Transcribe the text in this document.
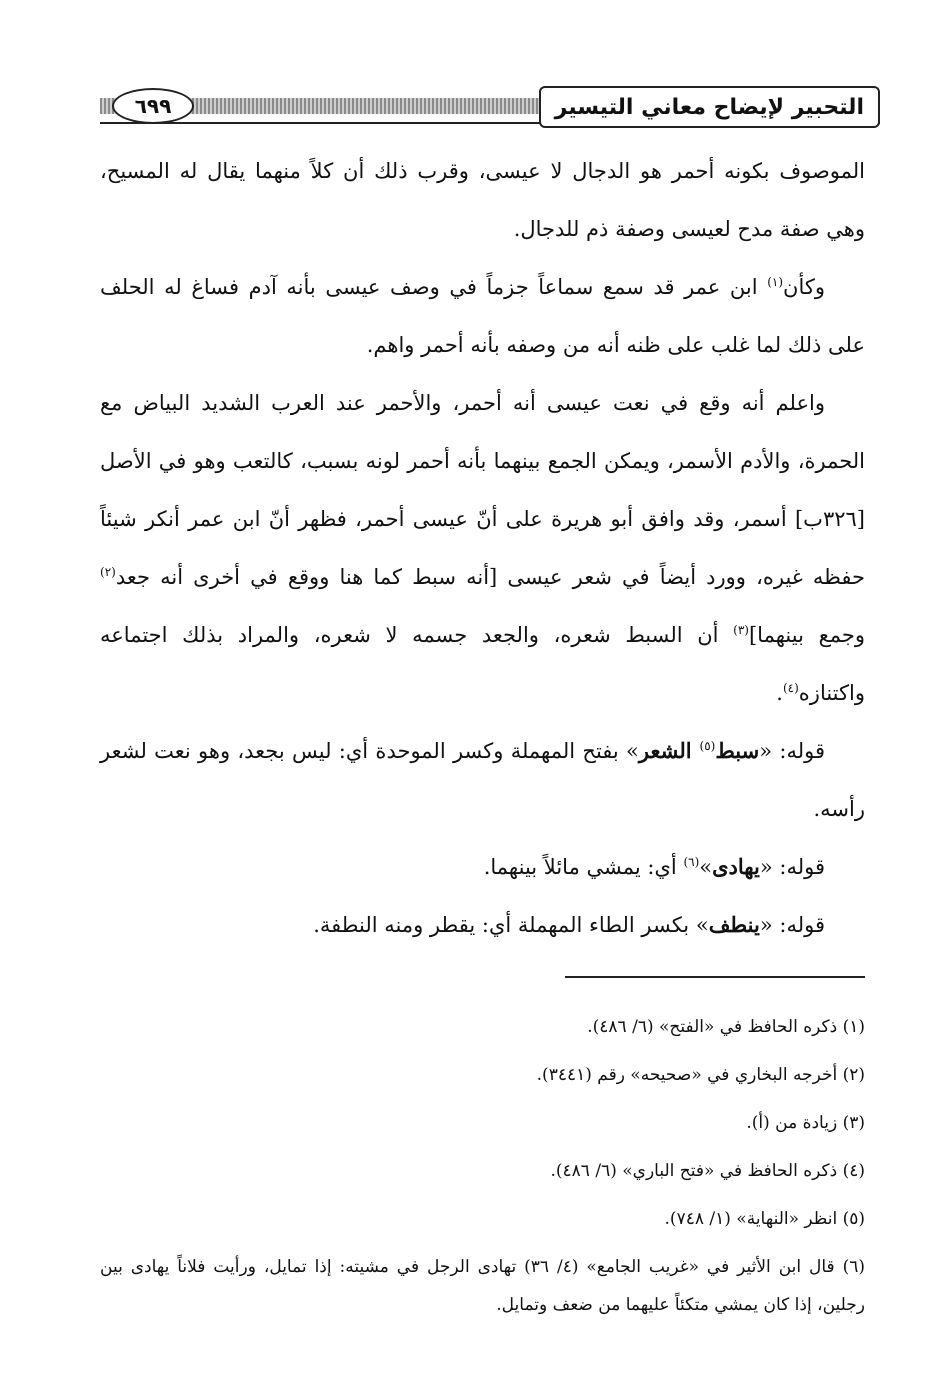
التحبير لإيضاح معاني التيسير
٦٩٩

الموصوف بكونه أحمر هو الدجال لا عيسى، وقرب ذلك أن كلاً منهما يقال له المسيح، وهي صفة مدح لعيسى وصفة ذم للدجال.

وكأن$^{(١)}$ ابن عمر قد سمع سماعاً جزماً في وصف عيسى بأنه آدم فساغ له الحلف على ذلك لما غلب على ظنه أنه من وصفه بأنه أحمر واهم.

واعلم أنه وقع في نعت عيسى أنه أحمر، والأحمر عند العرب الشديد البياض مع الحمرة، والأدم الأسمر، ويمكن الجمع بينهما بأنه أحمر لونه بسبب، كالتعب وهو في الأصل [٣٢٦ب] أسمر، وقد وافق أبو هريرة على أنّ عيسى أحمر، فظهر أنّ ابن عمر أنكر شيئاً حفظه غيره، وورد أيضاً في شعر عيسى [أنه سبط كما هنا ووقع في أخرى أنه جعد$^{(٢)}$ وجمع بينهما]$^{(٣)}$ أن السبط شعره، والجعد جسمه لا شعره، والمراد بذلك اجتماعه واكتنازه$^{(٤)}$.

قوله: «سبط$^{(٥)}$ الشعر» بفتح المهملة وكسر الموحدة أي: ليس بجعد، وهو نعت لشعر رأسه.

قوله: «يهادى»$^{(٦)}$ أي: يمشي مائلاً بينهما.

قوله: «ينطف» بكسر الطاء المهملة أي: يقطر ومنه النطفة.

(١) ذكره الحافظ في «الفتح» (٦/ ٤٨٦).

(٢) أخرجه البخاري في «صحيحه» رقم (٣٤٤١).

(٣) زيادة من (أ).

(٤) ذكره الحافظ في «فتح الباري» (٦/ ٤٨٦).

(٥) انظر «النهاية» (١/ ٧٤٨).

(٦) قال ابن الأثير في «غريب الجامع» (٤/ ٣٦) تهادى الرجل في مشيته: إذا تمايل، ورأيت فلاناً يهادى بين رجلين، إذا كان يمشي متكئاً عليهما من ضعف وتمايل.
